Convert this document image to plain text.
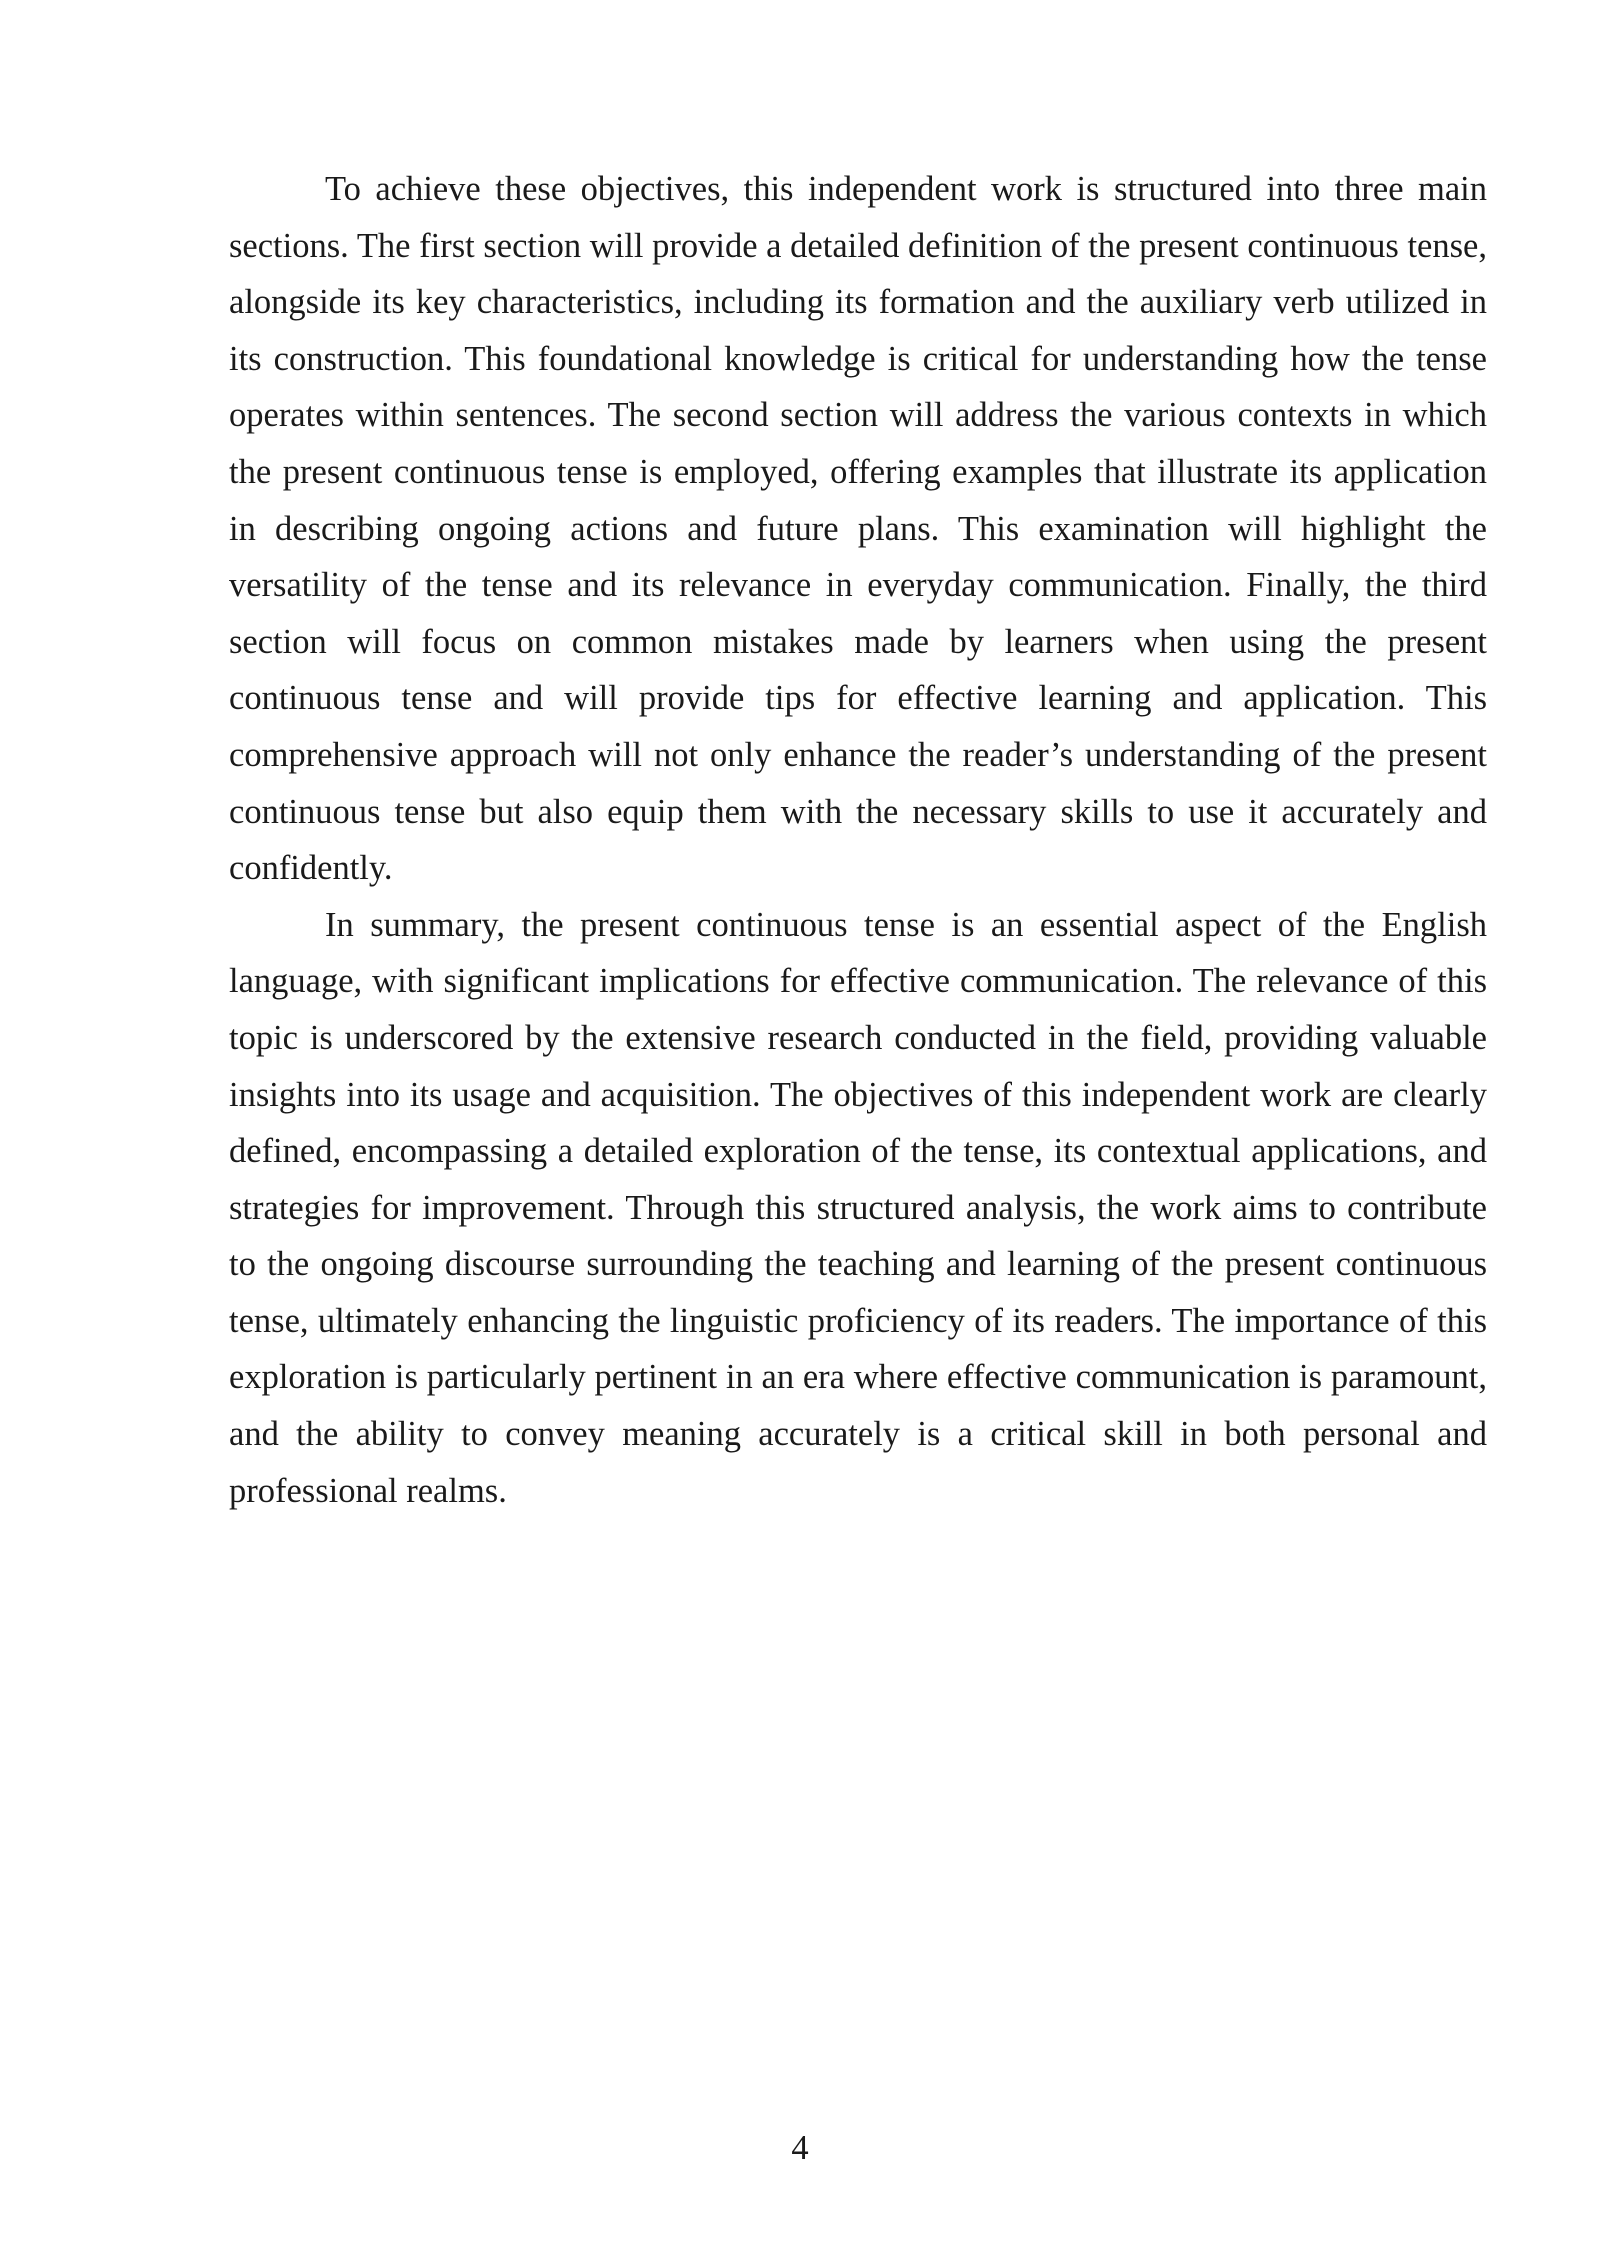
To achieve these objectives, this independent work is structured into three main sections. The first section will provide a detailed definition of the present continuous tense, alongside its key characteristics, including its formation and the auxiliary verb utilized in its construction. This foundational knowledge is critical for understanding how the tense operates within sentences. The second section will address the various contexts in which the present continuous tense is employed, offering examples that illustrate its application in describing ongoing actions and future plans. This examination will highlight the versatility of the tense and its relevance in everyday communication. Finally, the third section will focus on common mistakes made by learners when using the present continuous tense and will provide tips for effective learning and application. This comprehensive approach will not only enhance the reader’s understanding of the present continuous tense but also equip them with the necessary skills to use it accurately and confidently.

In summary, the present continuous tense is an essential aspect of the English language, with significant implications for effective communication. The relevance of this topic is underscored by the extensive research conducted in the field, providing valuable insights into its usage and acquisition. The objectives of this independent work are clearly defined, encompassing a detailed exploration of the tense, its contextual applications, and strategies for improvement. Through this structured analysis, the work aims to contribute to the ongoing discourse surrounding the teaching and learning of the present continuous tense, ultimately enhancing the linguistic proficiency of its readers. The importance of this exploration is particularly pertinent in an era where effective communication is paramount, and the ability to convey meaning accurately is a critical skill in both personal and professional realms.

4
